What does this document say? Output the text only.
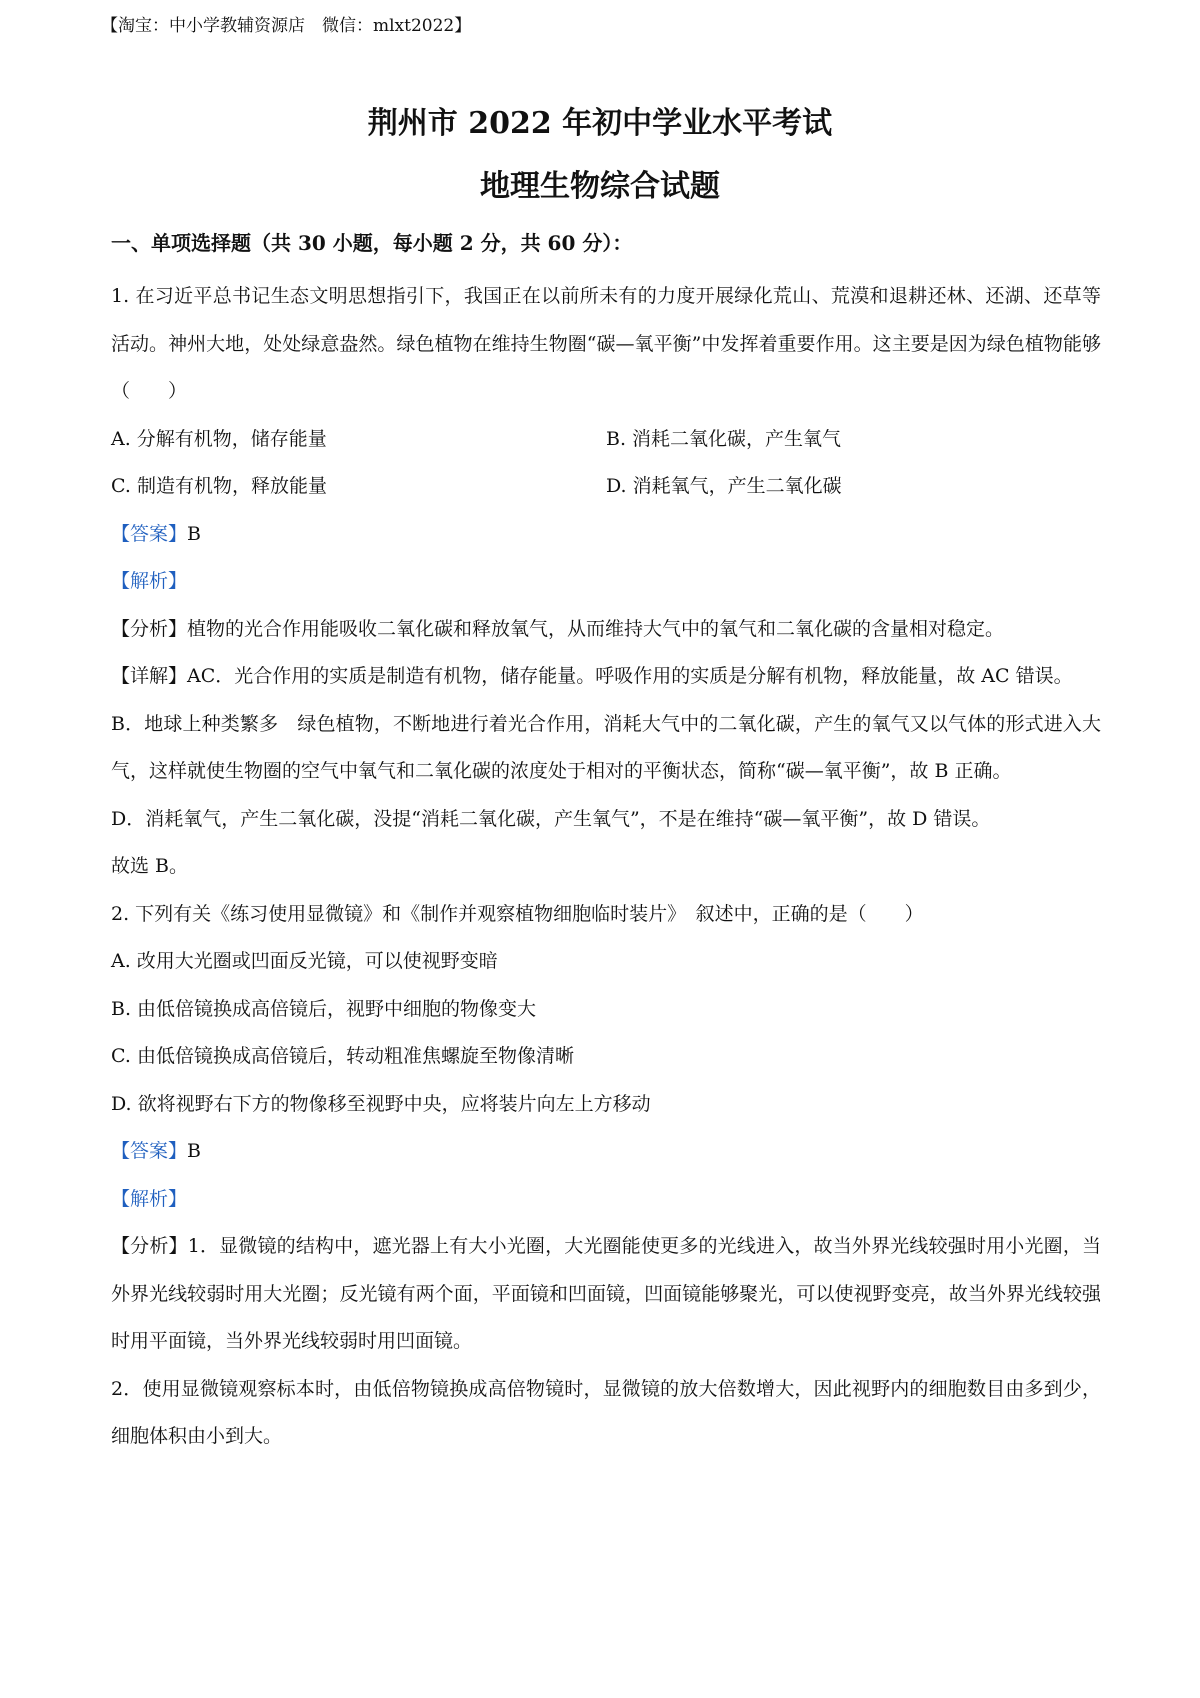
【淘宝：中小学教辅资源店　微信：mlxt2022】
荆州市 2022 年初中学业水平考试
地理生物综合试题
一、单项选择题（共 30 小题，每小题 2 分，共 60 分）：

1. 在习近平总书记生态文明思想指引下，我国正在以前所未有的力度开展绿化荒山、荒漠和退耕还林、还湖、还草等活动。神州大地，处处绿意盎然。绿色植物在维持生物圈“碳—氧平衡”中发挥着重要作用。这主要是因为绿色植物能够（　　）

A. 分解有机物，储存能量	B. 消耗二氧化碳，产生氧气
C. 制造有机物，释放能量	D. 消耗氧气，产生二氧化碳

【答案】B

【解析】

【分析】植物的光合作用能吸收二氧化碳和释放氧气，从而维持大气中的氧气和二氧化碳的含量相对稳定。

【详解】AC．光合作用的实质是制造有机物，储存能量。呼吸作用的实质是分解有机物，释放能量，故 AC 错误。

B．地球上种类繁多　绿色植物，不断地进行着光合作用，消耗大气中的二氧化碳，产生的氧气又以气体的形式进入大气，这样就使生物圈的空气中氧气和二氧化碳的浓度处于相对的平衡状态，简称“碳—氧平衡”，故 B 正确。

D．消耗氧气，产生二氧化碳，没提“消耗二氧化碳，产生氧气”，不是在维持“碳—氧平衡”，故 D 错误。

故选 B。

2. 下列有关《练习使用显微镜》和《制作并观察植物细胞临时装片》　叙述中，正确的是（　　）

A. 改用大光圈或凹面反光镜，可以使视野变暗
B. 由低倍镜换成高倍镜后，视野中细胞的物像变大
C. 由低倍镜换成高倍镜后，转动粗准焦螺旋至物像清晰
D. 欲将视野右下方的物像移至视野中央，应将装片向左上方移动

【答案】B

【解析】

【分析】1．显微镜的结构中，遮光器上有大小光圈，大光圈能使更多的光线进入，故当外界光线较强时用小光圈，当外界光线较弱时用大光圈；反光镜有两个面，平面镜和凹面镜，凹面镜能够聚光，可以使视野变亮，故当外界光线较强时用平面镜，当外界光线较弱时用凹面镜。

2．使用显微镜观察标本时，由低倍物镜换成高倍物镜时，显微镜的放大倍数增大，因此视野内的细胞数目由多到少，细胞体积由小到大。
